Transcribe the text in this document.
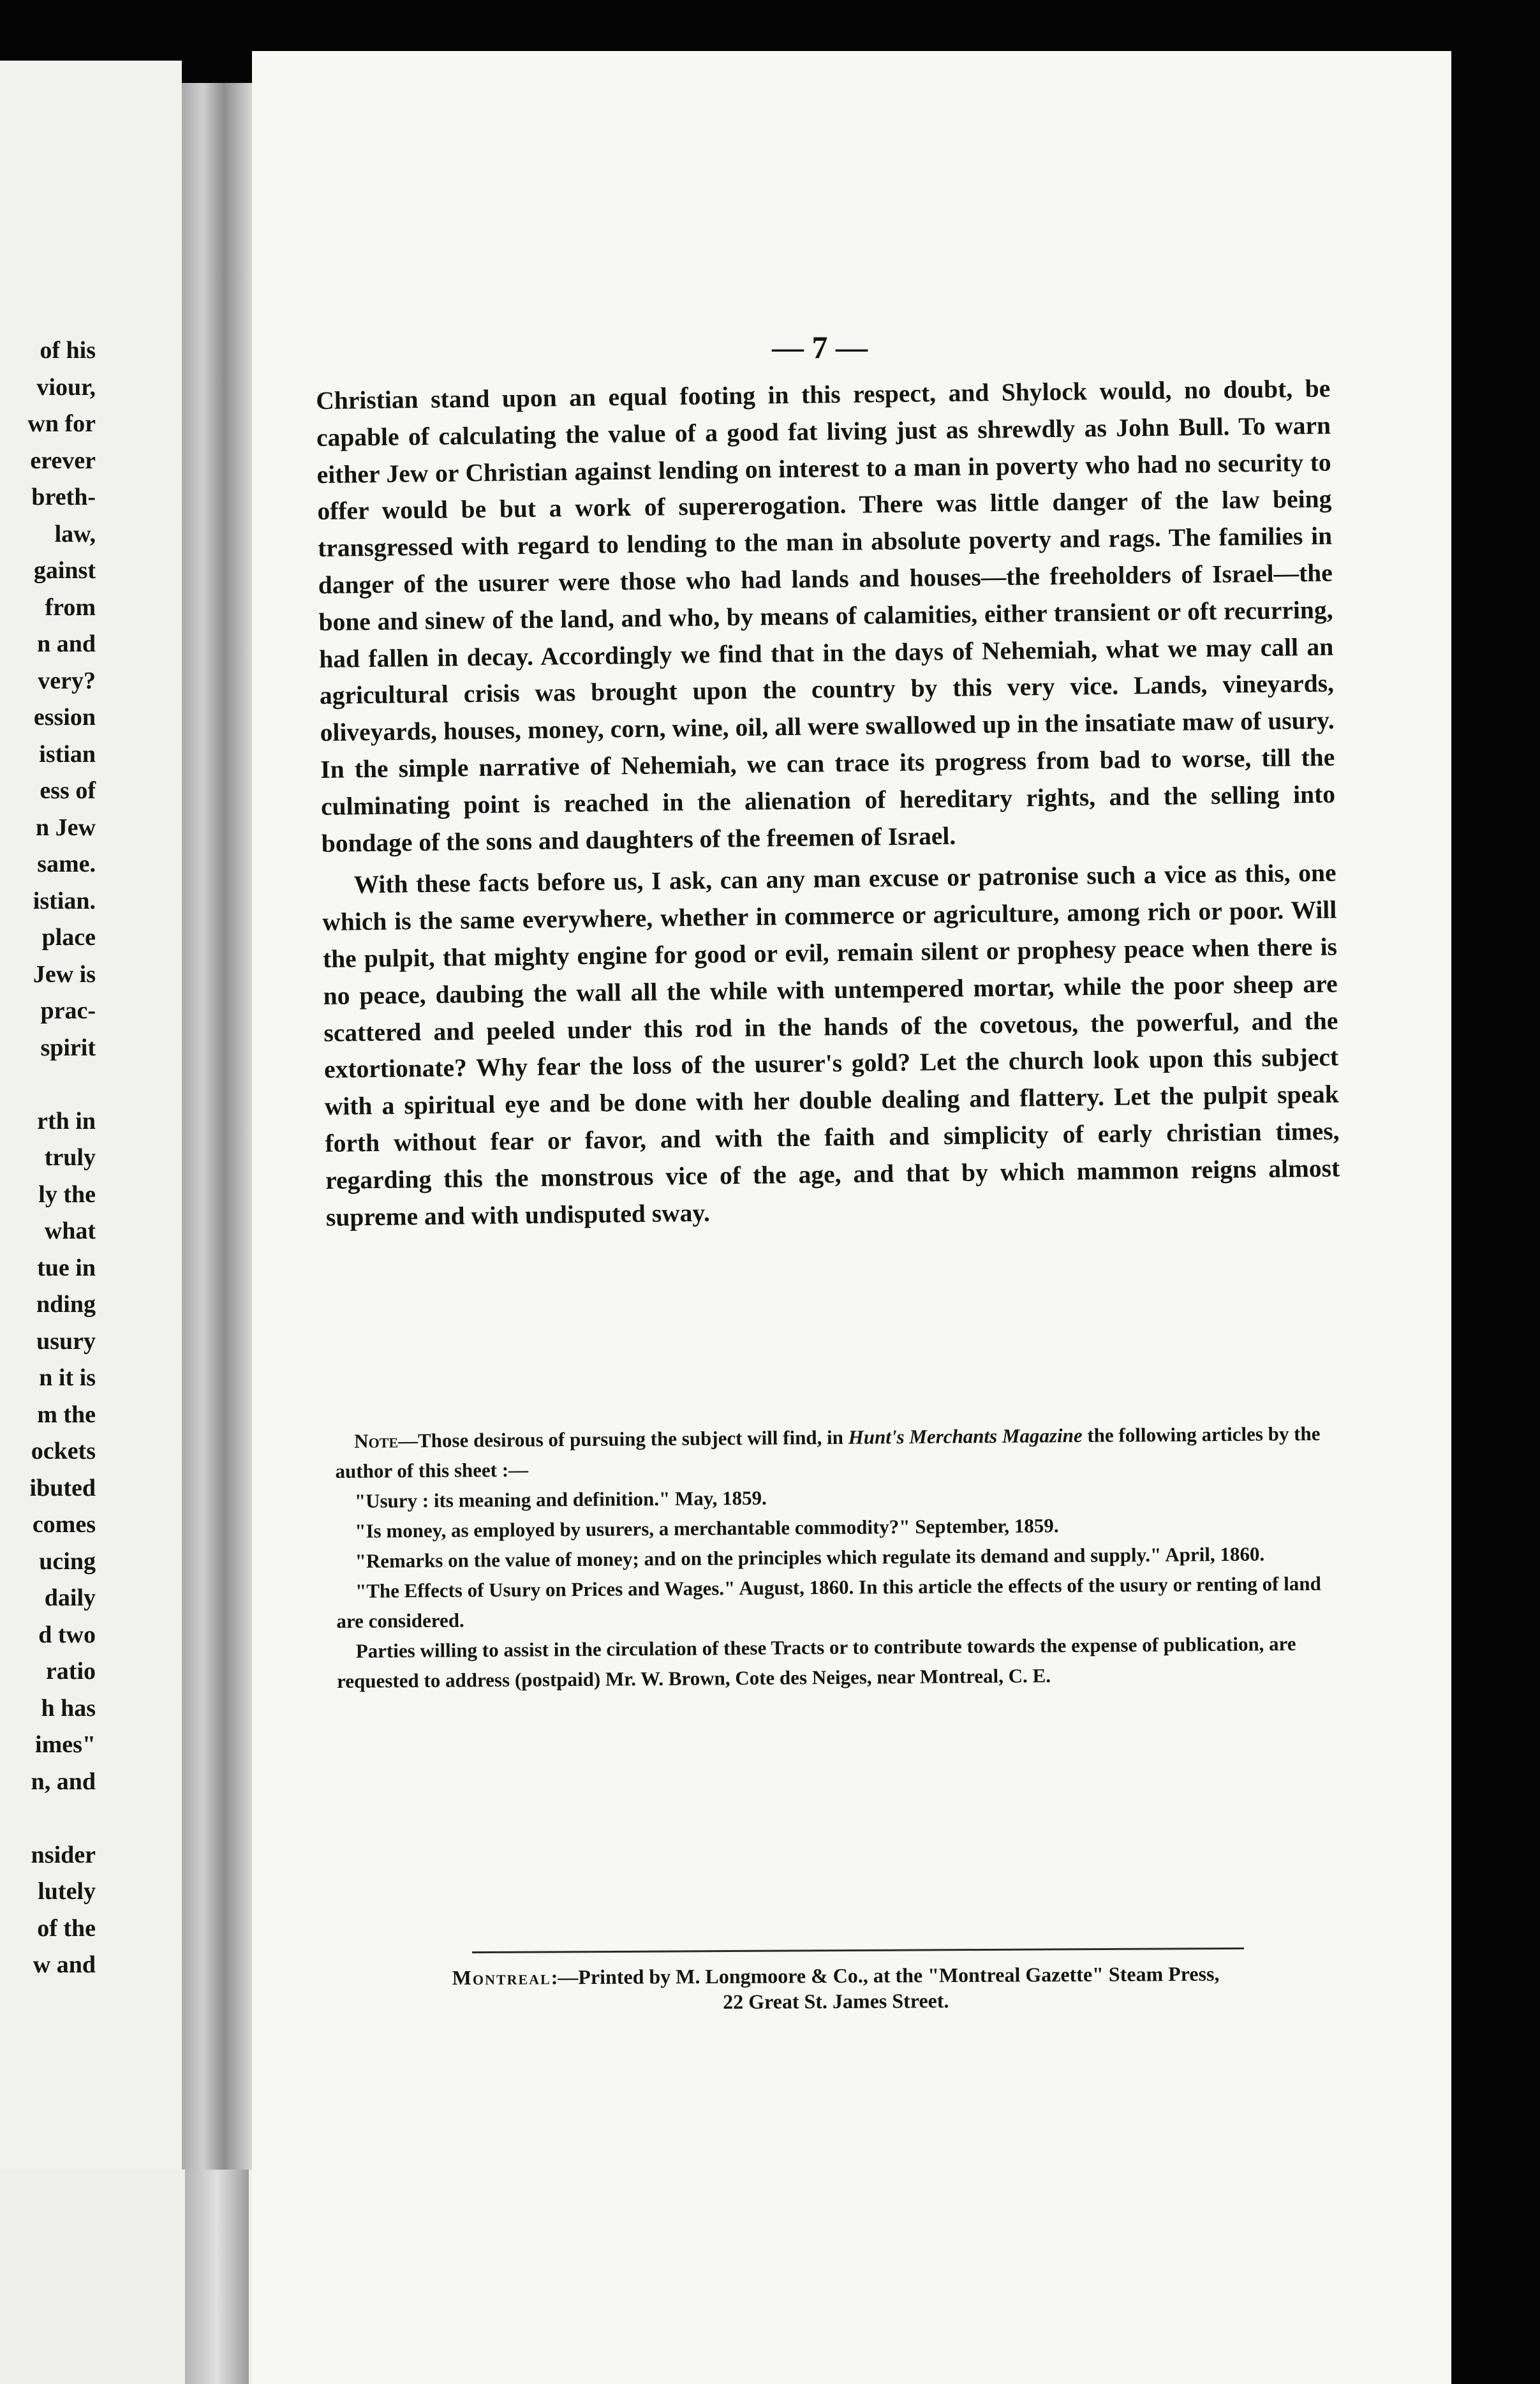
of his
viour,
wn for
erever
breth-
law,
gainst
from
n and
very?
ession
istian
ess of
n Jew
same.
istian.
place
Jew is
prac-
spirit
rth in
truly
ly the
what
tue in
nding
usury
n it is
m the
ockets
ibuted
comes
ucing
daily
d two
ratio
h has
imes"
n, and
nsider
lutely
of the
w and
— 7 —

Christian stand upon an equal footing in this respect, and Shylock would, no doubt, be capable of calculating the value of a good fat living just as shrewdly as John Bull. To warn either Jew or Christian against lending on interest to a man in poverty who had no security to offer would be but a work of supererogation. There was little danger of the law being transgressed with regard to lending to the man in absolute poverty and rags. The families in danger of the usurer were those who had lands and houses—the freeholders of Israel—the bone and sinew of the land, and who, by means of calamities, either transient or oft recurring, had fallen in decay. Accordingly we find that in the days of Nehemiah, what we may call an agricultural crisis was brought upon the country by this very vice. Lands, vineyards, oliveyards, houses, money, corn, wine, oil, all were swallowed up in the insatiate maw of usury. In the simple narrative of Nehemiah, we can trace its progress from bad to worse, till the culminating point is reached in the alienation of hereditary rights, and the selling into bondage of the sons and daughters of the freemen of Israel.

With these facts before us, I ask, can any man excuse or patronise such a vice as this, one which is the same everywhere, whether in commerce or agriculture, among rich or poor. Will the pulpit, that mighty engine for good or evil, remain silent or prophesy peace when there is no peace, daubing the wall all the while with untempered mortar, while the poor sheep are scattered and peeled under this rod in the hands of the covetous, the powerful, and the extortionate? Why fear the loss of the usurer's gold? Let the church look upon this subject with a spiritual eye and be done with her double dealing and flattery. Let the pulpit speak forth without fear or favor, and with the faith and simplicity of early christian times, regarding this the monstrous vice of the age, and that by which mammon reigns almost supreme and with undisputed sway.

Note—Those desirous of pursuing the subject will find, in Hunt's Merchants Magazine the following articles by the author of this sheet :—

"Usury : its meaning and definition." May, 1859.

"Is money, as employed by usurers, a merchantable commodity?" September, 1859.

"Remarks on the value of money; and on the principles which regulate its demand and supply." April, 1860.

"The Effects of Usury on Prices and Wages." August, 1860. In this article the effects of the usury or renting of land are considered.

Parties willing to assist in the circulation of these Tracts or to contribute towards the expense of publication, are requested to address (postpaid) Mr. W. Brown, Cote des Neiges, near Montreal, C. E.

Montreal:—Printed by M. Longmoore & Co., at the "Montreal Gazette" Steam Press,
22 Great St. James Street.
